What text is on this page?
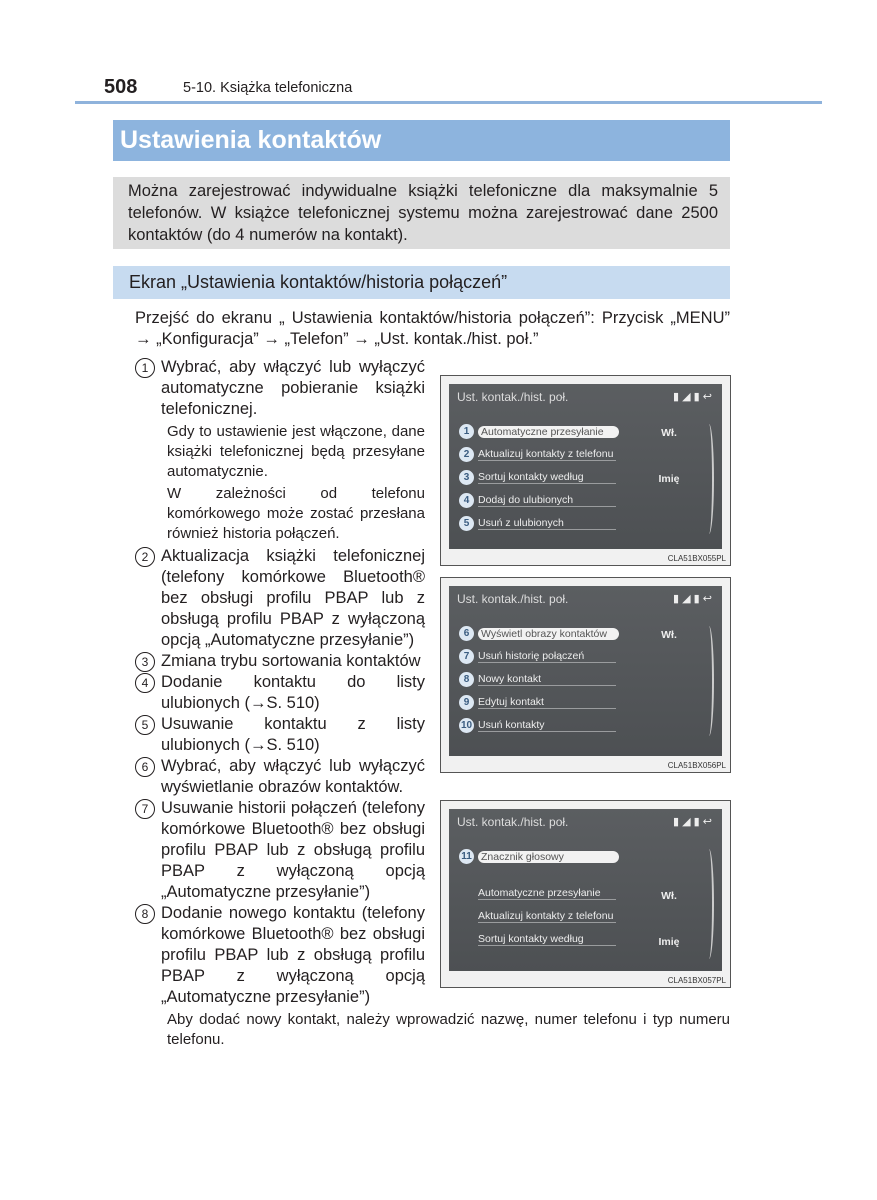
508	5-10. Książka telefoniczna
Ustawienia kontaktów
Można zarejestrować indywidualne książki telefoniczne dla maksymalnie 5 telefonów. W książce telefonicznej systemu można zarejestrować dane 2500 kontaktów (do 4 numerów na kontakt).
Ekran „Ustawienia kontaktów/historia połączeń”
Przejść do ekranu „ Ustawienia kontaktów/historia połączeń”: Przycisk „MENU” → „Konfiguracja” → „Telefon” → „Ust. kontak./hist. poł.”
1 Wybrać, aby włączyć lub wyłączyć automatyczne pobieranie książki telefonicznej.
Gdy to ustawienie jest włączone, dane książki telefonicznej będą przesyłane automatycznie.
W zależności od telefonu komórkowego może zostać przesłana również historia połączeń.
2 Aktualizacja książki telefonicznej (telefony komórkowe Bluetooth® bez obsługi profilu PBAP lub z obsługą profilu PBAP z wyłączoną opcją „Automatyczne przesyłanie”)
3 Zmiana trybu sortowania kontaktów
4 Dodanie kontaktu do listy ulubionych (→S. 510)
5 Usuwanie kontaktu z listy ulubionych (→S. 510)
6 Wybrać, aby włączyć lub wyłączyć wyświetlanie obrazów kontaktów.
7 Usuwanie historii połączeń (telefony komórkowe Bluetooth® bez obsługi profilu PBAP lub z obsługą profilu PBAP z wyłączoną opcją „Automatyczne przesyłanie”)
8 Dodanie nowego kontaktu (telefony komórkowe Bluetooth® bez obsługi profilu PBAP lub z obsługą profilu PBAP z wyłączoną opcją „Automatyczne przesyłanie”)
Aby dodać nowy kontakt, należy wprowadzić nazwę, numer telefonu i typ numeru telefonu.
Ust. kontak./hist. poł.	▮ ◢ ▮ ↩
1 Automatyczne przesyłanie	Wł.
2 Aktualizuj kontakty z telefonu
3 Sortuj kontakty według	Imię
4 Dodaj do ulubionych
5 Usuń z ulubionych
CLA51BX055PL
Ust. kontak./hist. poł.	▮ ◢ ▮ ↩
6 Wyświetl obrazy kontaktów	Wł.
7 Usuń historię połączeń
8 Nowy kontakt
9 Edytuj kontakt
10 Usuń kontakty
CLA51BX056PL
Ust. kontak./hist. poł.	▮ ◢ ▮ ↩
11 Znacznik głosowy
Automatyczne przesyłanie	Wł.
Aktualizuj kontakty z telefonu
Sortuj kontakty według	Imię
CLA51BX057PL
